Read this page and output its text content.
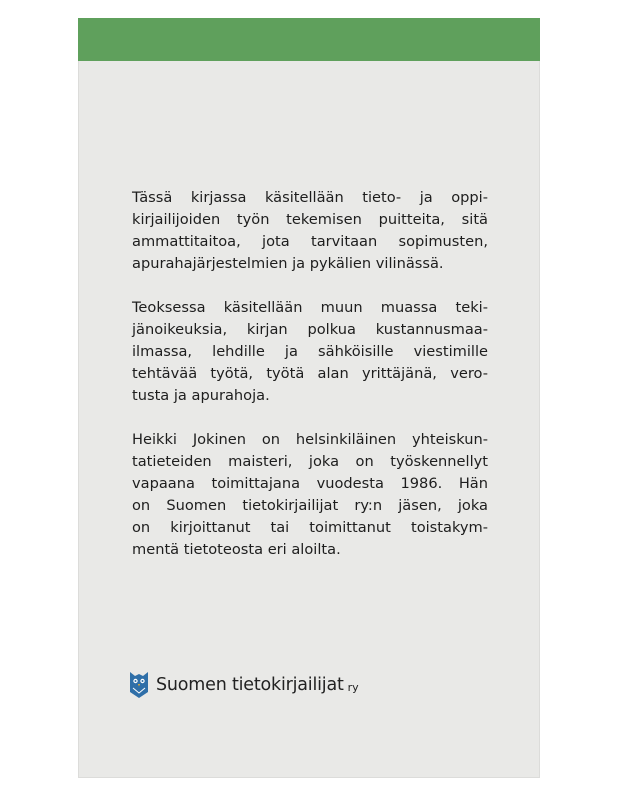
Tässä kirjassa käsitellään tieto- ja oppi-
kirjailijoiden työn tekemisen puitteita, sitä
ammattitaitoa, jota tarvitaan sopimusten,
apurahajärjestelmien ja pykälien vilinässä.
Teoksessa käsitellään muun muassa teki-
jänoikeuksia, kirjan polkua kustannusmaa-
ilmassa, lehdille ja sähköisille viestimille
tehtävää työtä, työtä alan yrittäjänä, vero-
tusta ja apurahoja.
Heikki Jokinen on helsinkiläinen yhteiskun-
tatieteiden maisteri, joka on työskennellyt
vapaana toimittajana vuodesta 1986. Hän
on Suomen tietokirjailijat ry:n jäsen, joka
on kirjoittanut tai toimittanut toistakym-
mentä tietoteosta eri aloilta.
Suomen tietokirjailijat ry
